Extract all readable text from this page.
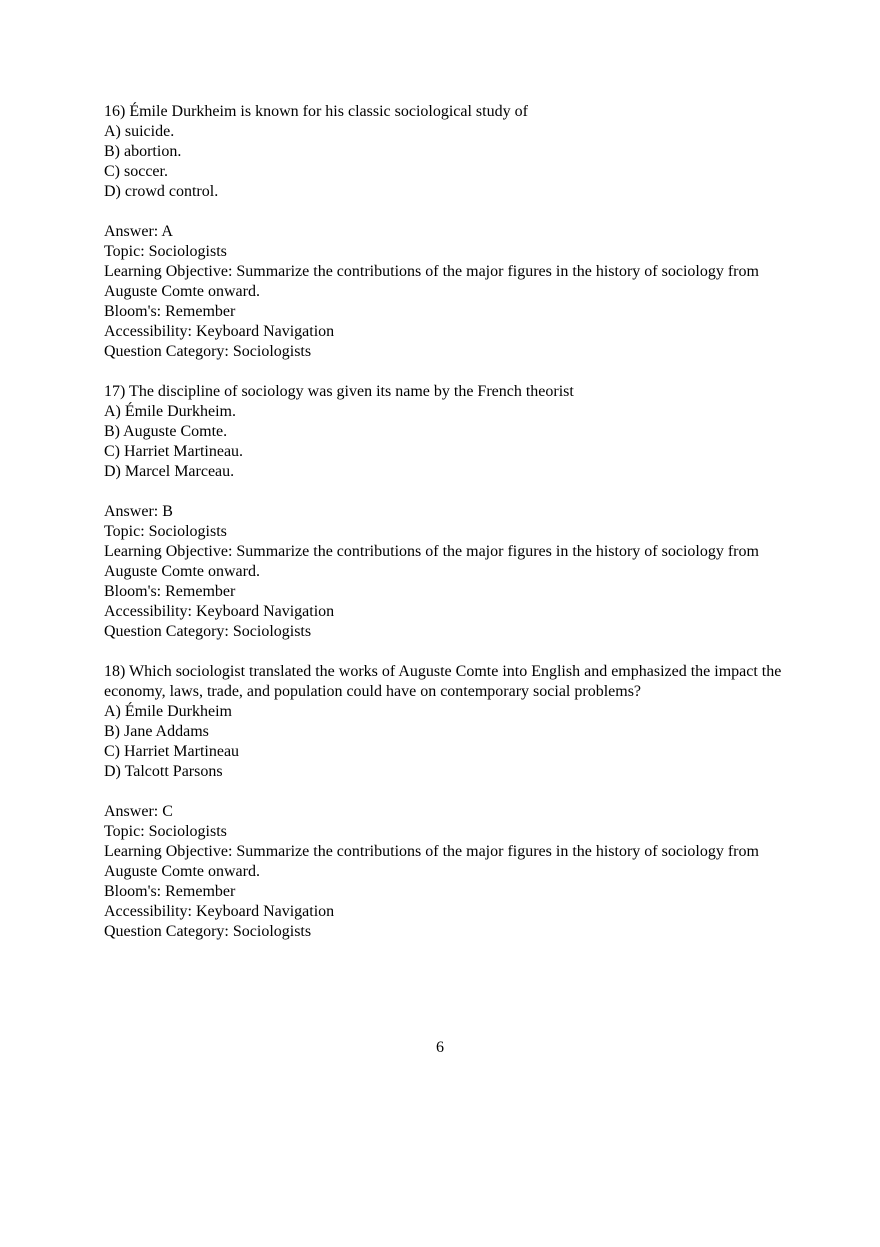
16) Émile Durkheim is known for his classic sociological study of
A) suicide.
B) abortion.
C) soccer.
D) crowd control.
Answer: A
Topic: Sociologists
Learning Objective: Summarize the contributions of the major figures in the history of sociology from Auguste Comte onward.
Bloom's: Remember
Accessibility: Keyboard Navigation
Question Category: Sociologists
17) The discipline of sociology was given its name by the French theorist
A) Émile Durkheim.
B) Auguste Comte.
C) Harriet Martineau.
D) Marcel Marceau.
Answer: B
Topic: Sociologists
Learning Objective: Summarize the contributions of the major figures in the history of sociology from Auguste Comte onward.
Bloom's: Remember
Accessibility: Keyboard Navigation
Question Category: Sociologists
18) Which sociologist translated the works of Auguste Comte into English and emphasized the impact the economy, laws, trade, and population could have on contemporary social problems?
A) Émile Durkheim
B) Jane Addams
C) Harriet Martineau
D) Talcott Parsons
Answer: C
Topic: Sociologists
Learning Objective: Summarize the contributions of the major figures in the history of sociology from Auguste Comte onward.
Bloom's: Remember
Accessibility: Keyboard Navigation
Question Category: Sociologists
6
